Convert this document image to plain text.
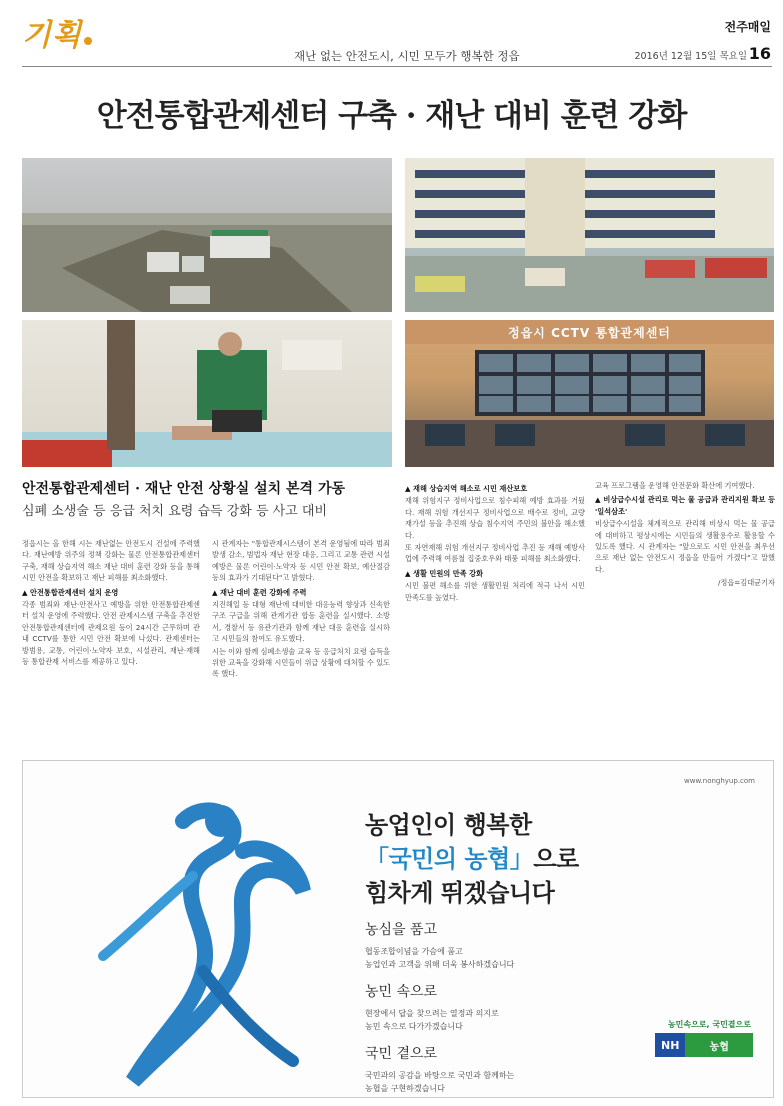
기획
재난 없는 안전도시, 시민 모두가 행복한 정읍
전주매일
2016년 12월 15일 목요일 16
안전통합관제센터 구축 · 재난 대비 훈련 강화
정읍시 CCTV 통합관제센터
안전통합관제센터 · 재난 안전 상황실 설치 본격 가동
심폐 소생술 등 응급 처치 요령 습득 강화 등 사고 대비

정읍시는 올 한해 시는 재난없는 안전도시 건설에 주력했다. 재난예방 위주의 정책 강화는 물론 안전통합관제센터 구축, 재해 상습지역 해소 재난 대비 훈련 강화 등을 통해 시민 안전을 확보하고 재난 피해를 최소화했다.

▲ 안전통합관제센터 설치 운영

각종 범죄와 재난·안전사고 예방을 위한 안전통합관제센터 설치 운영에 주력했다. 안전 관제시스템 구축을 추진한 안전통합관제센터에 관제요원 등이 24시간 근무하며 관내 CCTV를 통한 시민 안전 확보에 나섰다. 관제센터는 방범용, 교통, 어린이·노약자 보호, 시설관리, 재난·재해 등 통합관제 서비스를 제공하고 있다.

시 관계자는 "통합관제시스템이 본격 운영됨에 따라 범죄 발생 감소, 범법자 재난 현장 대응, 그리고 교통 관련 시설 예방은 물론 어린이·노약자 등 시민 안전 확보, 예산절감 등의 효과가 기대된다"고 밝혔다.

▲ 재난 대비 훈련 강화에 주력

지진해일 등 대형 재난에 대비한 대응능력 향상과 신속한 구조 구급을 위해 관계기관 합동 훈련을 실시했다. 소방서, 경찰서 등 유관기관과 함께 재난 대응 훈련을 실시하고 시민들의 참여도 유도했다.

시는 이와 함께 심폐소생술 교육 등 응급처치 요령 습득을 위한 교육을 강화해 시민들이 위급 상황에 대처할 수 있도록 했다.

▲ 재해 상습지역 해소로 시민 재산보호

재해 위험지구 정비사업으로 침수피해 예방 효과를 거뒀다. 재해 위험 개선지구 정비사업으로 배수로 정비, 교량 재가설 등을 추진해 상습 침수지역 주민의 불안을 해소했다.

또 자연재해 위험 개선지구 정비사업 추진 등 재해 예방사업에 주력해 여름철 집중호우와 태풍 피해를 최소화했다.

▲ 생활 민원의 만족 강화

시민 불편 해소를 위한 생활민원 처리에 적극 나서 시민 만족도를 높였다.

교육 프로그램을 운영해 안전문화 확산에 기여했다.

▲ 비상급수시설 관리로 먹는 물 공급과 관리지원 확보 등 '일석삼조'

비상급수시설을 체계적으로 관리해 비상시 먹는 물 공급에 대비하고 평상시에는 시민들의 생활용수로 활용할 수 있도록 했다. 시 관계자는 "앞으로도 시민 안전을 최우선으로 재난 없는 안전도시 정읍을 만들어 가겠다"고 말했다.

/정읍=김대균기자

www.nonghyup.com
농업인이 행복한
「국민의 농협」으로
힘차게 뛰겠습니다
농심을 품고
협동조합이념을 가슴에 품고
농업인과 고객을 위해 더욱 봉사하겠습니다
농민 속으로
현장에서 답을 찾으려는 열정과 의지로
농민 속으로 다가가겠습니다
국민 곁으로
국민과의 공감을 바탕으로 국민과 함께하는
농협을 구현하겠습니다
농민속으로, 국민곁으로
NH	농협
